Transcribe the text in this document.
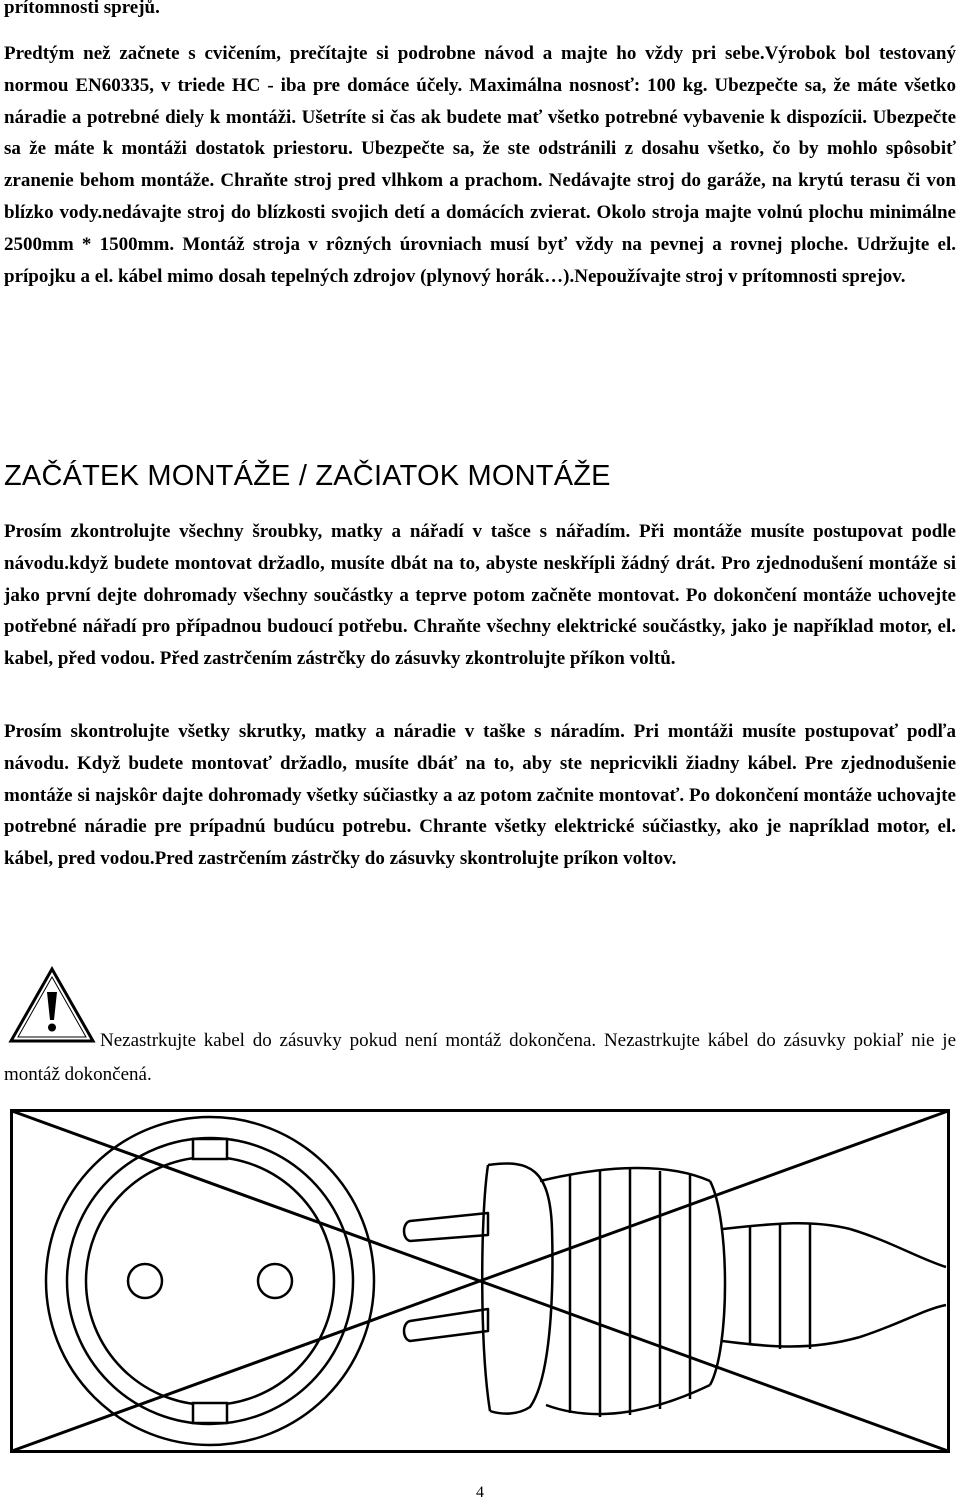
prítomnosti sprejů.

Predtým než začnete s cvičením, prečítajte si podrobne návod a majte ho vždy pri sebe.Výrobok bol testovaný normou EN60335, v triede HC - iba pre domáce účely. Maximálna nosnosť: 100 kg. Ubezpečte sa, že máte všetko náradie a potrebné diely k montáži. Ušetríte si čas ak budete mať všetko potrebné vybavenie k dispozícii. Ubezpečte sa že máte k montáži dostatok priestoru. Ubezpečte sa, že ste odstránili z dosahu všetko, čo by mohlo spôsobiť zranenie behom montáže. Chraňte stroj pred vlhkom a prachom. Nedávajte stroj do garáže, na krytú terasu či von blízko vody.nedávajte stroj do blízkosti svojich detí a domácích zvierat. Okolo stroja majte volnú plochu minimálne 2500mm * 1500mm. Montáž stroja v rôzných úrovniach musí byť vždy na pevnej a rovnej ploche. Udržujte el. prípojku a el. kábel mimo dosah tepelných zdrojov (plynový horák…).Nepoužívajte stroj v prítomnosti sprejov.

ZAČÁTEK MONTÁŽE / ZAČIATOK MONTÁŽE

Prosím zkontrolujte všechny šroubky, matky a nářadí v tašce s nářadím. Při montáže musíte postupovat podle návodu.když budete montovat držadlo, musíte dbát na to, abyste neskřípli žádný drát. Pro zjednodušení montáže si jako první dejte dohromady všechny součástky a teprve potom začněte montovat. Po dokončení montáže uchovejte potřebné nářadí pro případnou budoucí potřebu. Chraňte všechny elektrické součástky, jako je například motor, el. kabel, před vodou. Před zastrčením zástrčky do zásuvky zkontrolujte příkon voltů.

Prosím skontrolujte všetky skrutky, matky a náradie v taške s náradím. Pri montáži musíte postupovať podľa návodu. Když budete montovať držadlo, musíte dbáť na to, aby ste nepricvikli žiadny kábel. Pre zjednodušenie montáže si najskôr dajte dohromady všetky súčiastky a az potom začnite montovať. Po dokončení montáže uchovajte potrebné náradie pre prípadnú budúcu potrebu. Chrante všetky elektrické súčiastky, ako je napríklad motor, el. kábel, pred vodou.Pred zastrčením zástrčky do zásuvky skontrolujte príkon voltov.

Nezastrkujte kabel do zásuvky pokud není montáž dokončena. Nezastrkujte kábel do zásuvky pokiaľ nie je montáž dokončená.

4
